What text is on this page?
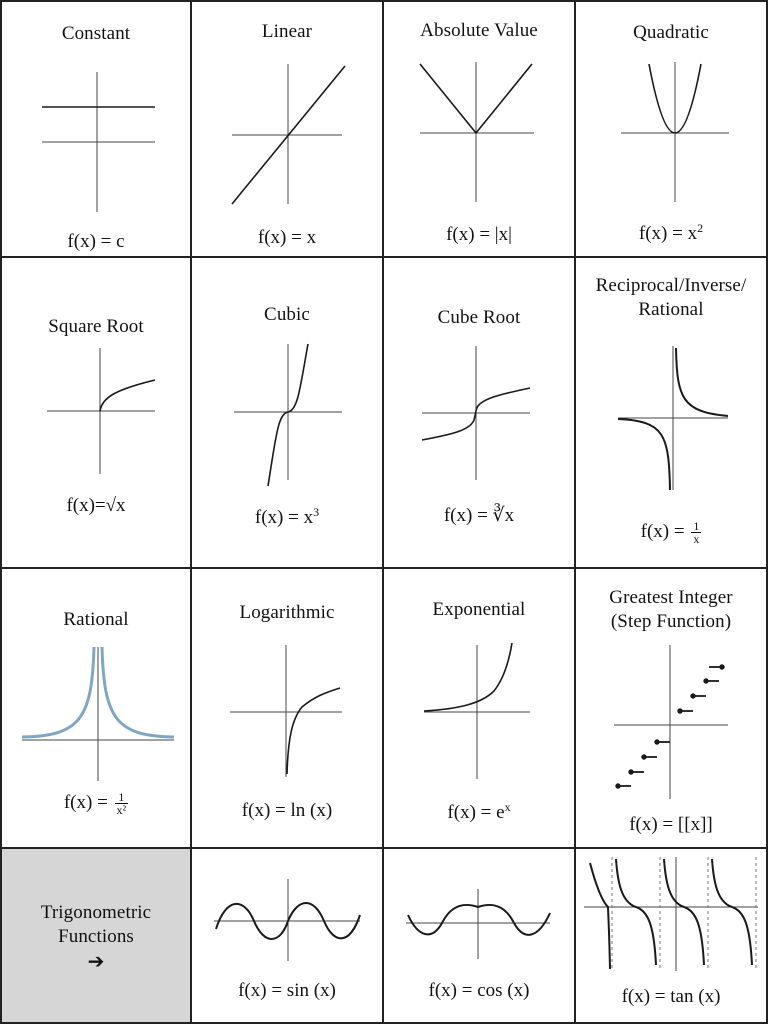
Constant
f(x) = c
Linear
f(x) = x
Absolute Value
f(x) = |x|
Quadratic
$f(x) = x^2$
Square Root
f(x)=√x
Cubic
$f(x) = x^3$
Cube Root
f(x) = ∛x
Reciprocal/Inverse/
Rational
$f(x) = \frac{1}{x}$
Rational
$f(x) = \frac{1}{\text{x²}}$
Logarithmic
f(x) = ln (x)
Exponential
$f(x) = e^x$
Greatest Integer
(Step Function)
f(x) = [[x]]
Trigonometric
Functions
➔
f(x) = sin (x)	f(x) = cos (x)	f(x) = tan (x)
